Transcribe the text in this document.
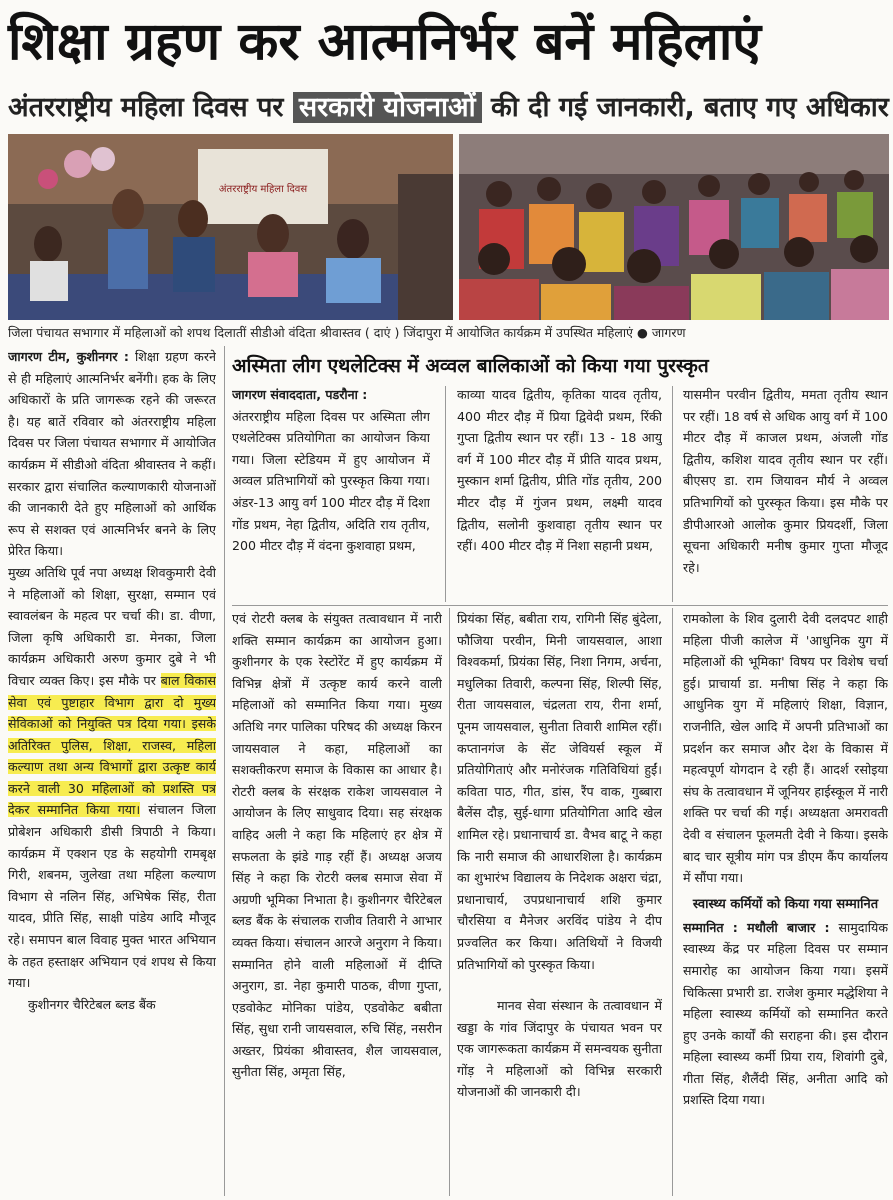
शिक्षा ग्रहण कर आत्मनिर्भर बनें महिलाएं
अंतरराष्ट्रीय महिला दिवस पर सरकारी योजनाओं की दी गई जानकारी, बताए गए अधिकार
अंतरराष्ट्रीय महिला दिवस
जिला पंचायत सभागार में महिलाओं को शपथ दिलातीं सीडीओ वंदिता श्रीवास्तव ( दाएं ) जिंदापुरा में आयोजित कार्यक्रम में उपस्थित महिलाएं ● जागरण

जागरण टीम, कुशीनगर : शिक्षा ग्रहण करने से ही महिलाएं आत्मनिर्भर बनेंगी। हक के लिए अधिकारों के प्रति जागरूक रहने की जरूरत है। यह बातें रविवार को अंतरराष्ट्रीय महिला दिवस पर जिला पंचायत सभागार में आयोजित कार्यक्रम में सीडीओ वंदिता श्रीवास्तव ने कहीं। सरकार द्वारा संचालित कल्याणकारी योजनाओं की जानकारी देते हुए महिलाओं को आर्थिक रूप से सशक्त एवं आत्मनिर्भर बनने के लिए प्रेरित किया।

मुख्य अतिथि पूर्व नपा अध्यक्ष शिवकुमारी देवी ने महिलाओं को शिक्षा, सुरक्षा, सम्मान एवं स्वावलंबन के महत्व पर चर्चा की। डा. वीणा, जिला कृषि अधिकारी डा. मेनका, जिला कार्यक्रम अधिकारी अरुण कुमार दुबे ने भी विचार व्यक्त किए। इस मौके पर बाल विकास सेवा एवं पुष्टाहार विभाग द्वारा दो मुख्य सेविकाओं को नियुक्ति पत्र दिया गया। इसके अतिरिक्त पुलिस, शिक्षा, राजस्व, महिला कल्याण तथा अन्य विभागों द्वारा उत्कृष्ट कार्य करने वाली 30 महिलाओं को प्रशस्ति पत्र देकर सम्मानित किया गया। संचालन जिला प्रोबेशन अधिकारी डीसी त्रिपाठी ने किया। कार्यक्रम में एक्शन एड के सहयोगी रामबृक्ष गिरी, शबनम, जुलेखा तथा महिला कल्याण विभाग से नलिन सिंह, अभिषेक सिंह, रीता यादव, प्रीति सिंह, साक्षी पांडेय आदि मौजूद रहे। समापन बाल विवाह मुक्त भारत अभियान के तहत हस्ताक्षर अभियान एवं शपथ से किया गया।

कुशीनगर चैरिटेबल ब्लड बैंक

अस्मिता लीग एथलेटिक्स में अव्वल बालिकाओं को किया गया पुरस्कृत

जागरण संवाददाता, पडरौना :

अंतरराष्ट्रीय महिला दिवस पर अस्मिता लीग एथलेटिक्स प्रतियोगिता का आयोजन किया गया। जिला स्टेडियम में हुए आयोजन में अव्वल प्रतिभागियों को पुरस्कृत किया गया। अंडर-13 आयु वर्ग 100 मीटर दौड़ में दिशा गोंड प्रथम, नेहा द्वितीय, अदिति राय तृतीय, 200 मीटर दौड़ में वंदना कुशवाहा प्रथम,

काव्या यादव द्वितीय, कृतिका यादव तृतीय, 400 मीटर दौड़ में प्रिया द्विवेदी प्रथम, रिंकी गुप्ता द्वितीय स्थान पर रहीं। 13 - 18 आयु वर्ग में 100 मीटर दौड़ में प्रीति यादव प्रथम, मुस्कान शर्मा द्वितीय, प्रीति गोंड तृतीय, 200 मीटर दौड़ में गुंजन प्रथम, लक्ष्मी यादव द्वितीय, सलोनी कुशवाहा तृतीय स्थान पर रहीं। 400 मीटर दौड़ में निशा सहानी प्रथम,

यासमीन परवीन द्वितीय, ममता तृतीय स्थान पर रहीं। 18 वर्ष से अधिक आयु वर्ग में 100 मीटर दौड़ में काजल प्रथम, अंजली गोंड द्वितीय, कशिश यादव तृतीय स्थान पर रहीं। बीएसए डा. राम जियावन मौर्य ने अव्वल प्रतिभागियों को पुरस्कृत किया। इस मौके पर डीपीआरओ आलोक कुमार प्रियदर्शी, जिला सूचना अधिकारी मनीष कुमार गुप्ता मौजूद रहे।

एवं रोटरी क्लब के संयुक्त तत्वावधान में नारी शक्ति सम्मान कार्यक्रम का आयोजन हुआ। कुशीनगर के एक रेस्टोरेंट में हुए कार्यक्रम में विभिन्न क्षेत्रों में उत्कृष्ट कार्य करने वाली महिलाओं को सम्मानित किया गया। मुख्य अतिथि नगर पालिका परिषद की अध्यक्ष किरन जायसवाल ने कहा, महिलाओं का सशक्तीकरण समाज के विकास का आधार है। रोटरी क्लब के संरक्षक राकेश जायसवाल ने आयोजन के लिए साधुवाद दिया। सह संरक्षक वाहिद अली ने कहा कि महिलाएं हर क्षेत्र में सफलता के झंडे गाड़ रहीं हैं। अध्यक्ष अजय सिंह ने कहा कि रोटरी क्लब समाज सेवा में अग्रणी भूमिका निभाता है। कुशीनगर चैरिटेबल ब्लड बैंक के संचालक राजीव तिवारी ने आभार व्यक्त किया। संचालन आरजे अनुराग ने किया। सम्मानित होने वाली महिलाओं में दीप्ति अनुराग, डा. नेहा कुमारी पाठक, वीणा गुप्ता, एडवोकेट मोनिका पांडेय, एडवोकेट बबीता सिंह, सुधा रानी जायसवाल, रुचि सिंह, नसरीन अख्तर, प्रियंका श्रीवास्तव, शैल जायसवाल, सुनीता सिंह, अमृता सिंह,

प्रियंका सिंह, बबीता राय, रागिनी सिंह बुंदेला, फौजिया परवीन, मिनी जायसवाल, आशा विश्वकर्मा, प्रियंका सिंह, निशा निगम, अर्चना, मधुलिका तिवारी, कल्पना सिंह, शिल्पी सिंह, रीता जायसवाल, चंद्रलता राय, रीना शर्मा, पूनम जायसवाल, सुनीता तिवारी शामिल रहीं। कप्तानगंज के सेंट जेवियर्स स्कूल में प्रतियोगिताएं और मनोरंजक गतिविधियां हुईं। कविता पाठ, गीत, डांस, रैंप वाक, गुब्बारा बैलेंस दौड़, सुई-धागा प्रतियोगिता आदि खेल शामिल रहे। प्रधानाचार्य डा. वैभव बाटू ने कहा कि नारी समाज की आधारशिला है। कार्यक्रम का शुभारंभ विद्यालय के निदेशक अक्षरा चंद्रा, प्रधानाचार्य, उपप्रधानाचार्य शशि कुमार चौरसिया व मैनेजर अरविंद पांडेय ने दीप प्रज्वलित कर किया। अतिथियों ने विजयी प्रतिभागियों को पुरस्कृत किया।

मानव सेवा संस्थान के तत्वावधान में खड्डा के गांव जिंदापुर के पंचायत भवन पर एक जागरूकता कार्यक्रम में समन्वयक सुनीता गोंड़ ने महिलाओं को विभिन्न सरकारी योजनाओं की जानकारी दी।

रामकोला के शिव दुलारी देवी दलदपट शाही महिला पीजी कालेज में 'आधुनिक युग में महिलाओं की भूमिका' विषय पर विशेष चर्चा हुई। प्राचार्या डा. मनीषा सिंह ने कहा कि आधुनिक युग में महिलाएं शिक्षा, विज्ञान, राजनीति, खेल आदि में अपनी प्रतिभाओं का प्रदर्शन कर समाज और देश के विकास में महत्वपूर्ण योगदान दे रही हैं। आदर्श रसोइया संघ के तत्वावधान में जूनियर हाईस्कूल में नारी शक्ति पर चर्चा की गई। अध्यक्षता अमरावती देवी व संचालन फूलमती देवी ने किया। इसके बाद चार सूत्रीय मांग पत्र डीएम कैंप कार्यालय में सौंपा गया।

स्वास्थ्य कर्मियों को किया गया सम्मानित

सम्मानित : मथौली बाजार : सामुदायिक स्वास्थ्य केंद्र पर महिला दिवस पर सम्मान समारोह का आयोजन किया गया। इसमें चिकित्सा प्रभारी डा. राजेश कुमार मद्धेशिया ने महिला स्वास्थ्य कर्मियों को सम्मानित करते हुए उनके कार्यों की सराहना की। इस दौरान महिला स्वास्थ्य कर्मी प्रिया राय, शिवांगी दुबे, गीता सिंह, शैलैंदी सिंह, अनीता आदि को प्रशस्ति दिया गया।
